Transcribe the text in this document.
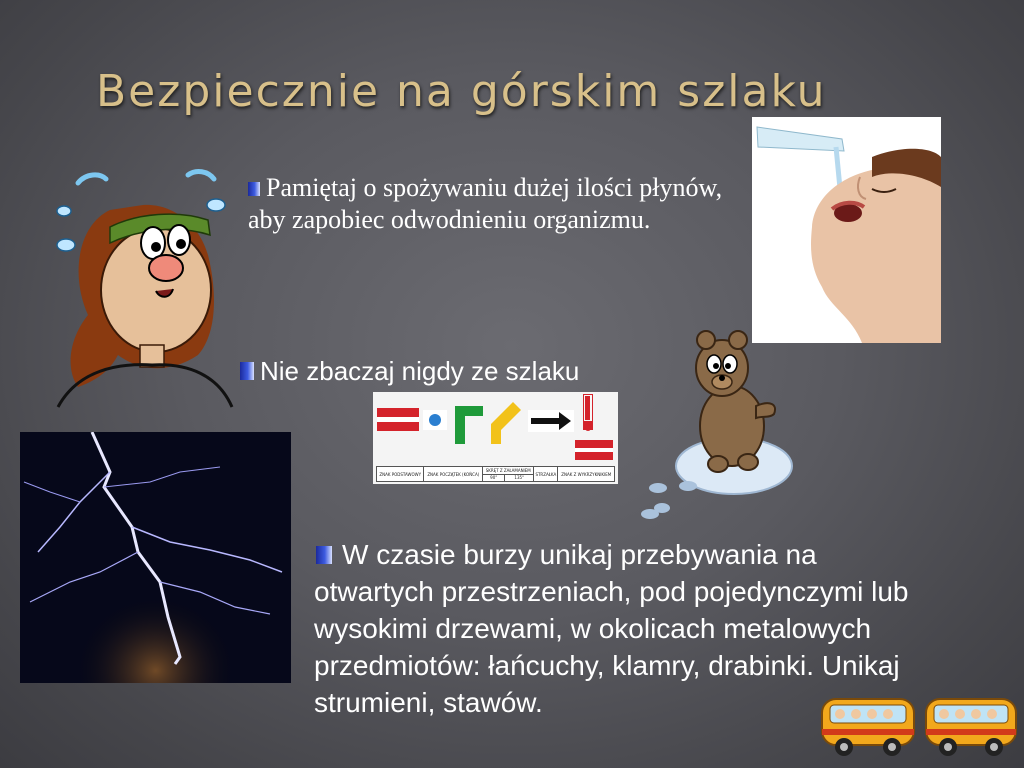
Bezpiecznie na górskim szlaku
Pamiętaj o spożywaniu dużej ilości płynów, aby zapobiec odwodnieniu organizmu.
Nie zbaczaj nigdy ze szlaku
ZNAK PODSTAWOWY	ZNAK POCZĄTEK (KOŃCA)	SKRĘT Z ZAŁAMANIEM		STRZAŁKA	ZNAK Z WYKRZYKNIKIEM
		90°	135°		
W czasie burzy unikaj przebywania na otwartych przestrzeniach, pod pojedynczymi lub wysokimi drzewami, w okolicach metalowych przedmiotów: łańcuchy, klamry, drabinki. Unikaj strumieni, stawów.
